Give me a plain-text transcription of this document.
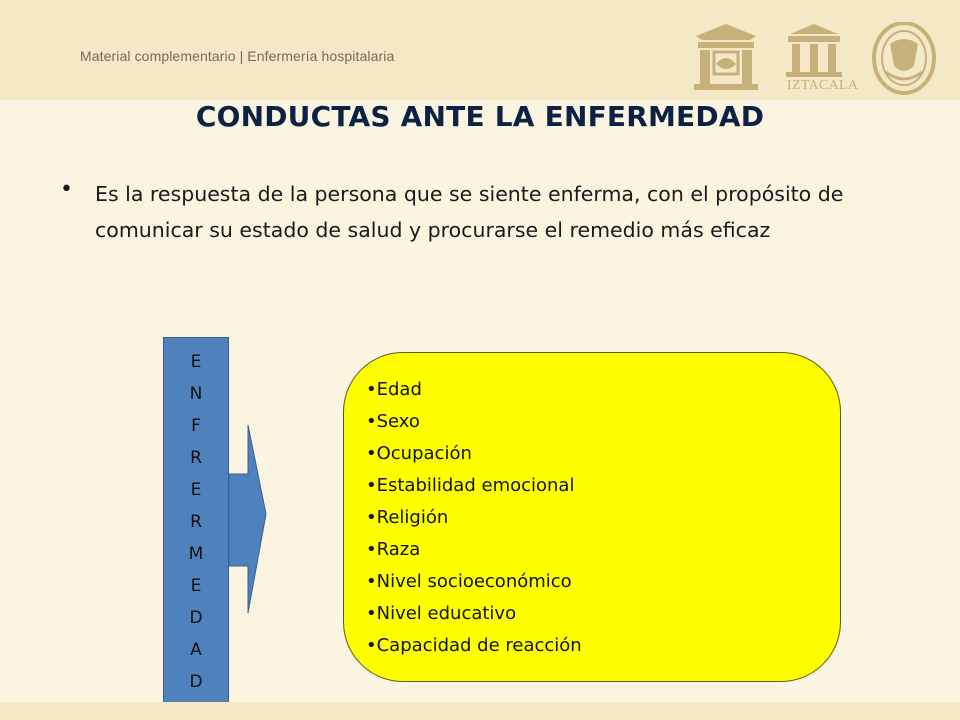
Material complementario | Enfermería hospitalaria
IZTACALA
CONDUCTAS ANTE LA ENFERMEDAD
• Es la respuesta de la persona que se siente enferma, con el propósito de comunicar su estado de salud y procurarse el remedio más eficaz
E
N
F
R
E
R
M
E
D
A
D
•Edad
•Sexo
•Ocupación
•Estabilidad emocional
•Religión
•Raza
•Nivel socioeconómico
•Nivel educativo
•Capacidad de reacción
